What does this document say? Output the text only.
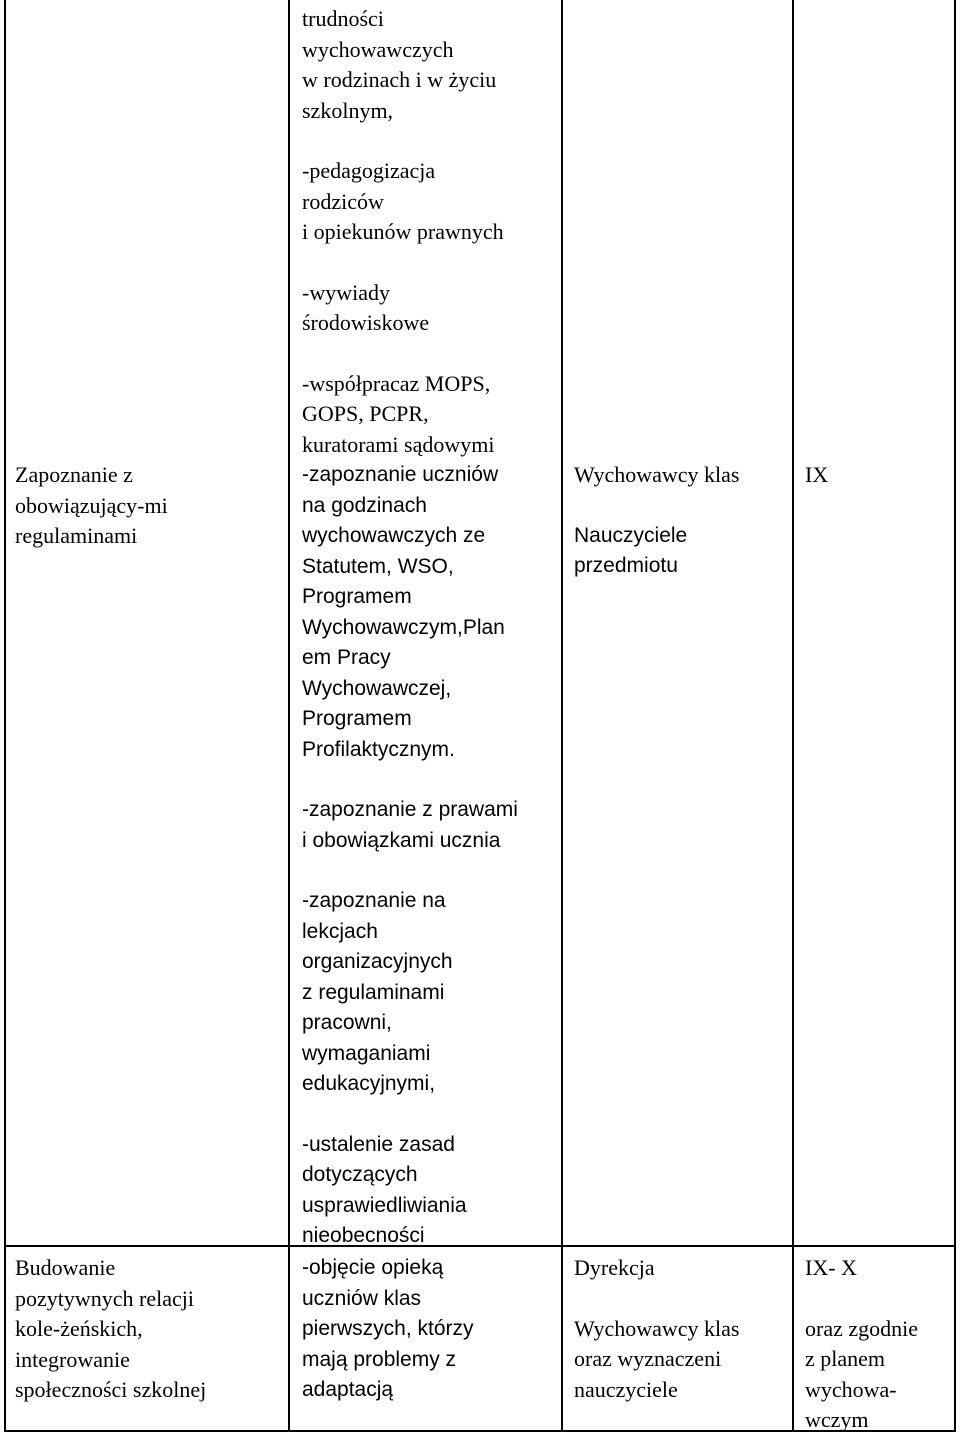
Zapoznanie z
obowiązujący-mi
regulaminami
trudności
wychowawczych
w rodzinach i w życiu
szkolnym,
-pedagogizacja
rodziców
i opiekunów prawnych
-wywiady
środowiskowe
-współpracaz MOPS,
GOPS, PCPR,
kuratorami sądowymi
-zapoznanie uczniów
na godzinach
wychowawczych ze
Statutem, WSO,
Programem
Wychowawczym,Plan
em Pracy
Wychowawczej,
Programem
Profilaktycznym.
-zapoznanie z prawami
i obowiązkami ucznia
-zapoznanie na
lekcjach
organizacyjnych
z regulaminami
pracowni,
wymaganiami
edukacyjnymi,
-ustalenie zasad
dotyczących
usprawiedliwiania
nieobecności
Wychowawcy klas
Nauczyciele
przedmiotu
IX
Budowanie
pozytywnych relacji
kole-żeńskich,
integrowanie
społeczności szkolnej
-objęcie opieką
uczniów klas
pierwszych, którzy
mają problemy z
adaptacją
Dyrekcja
Wychowawcy klas
oraz wyznaczeni
nauczyciele
IX- X
oraz zgodnie
z planem
wychowa-
wczym
